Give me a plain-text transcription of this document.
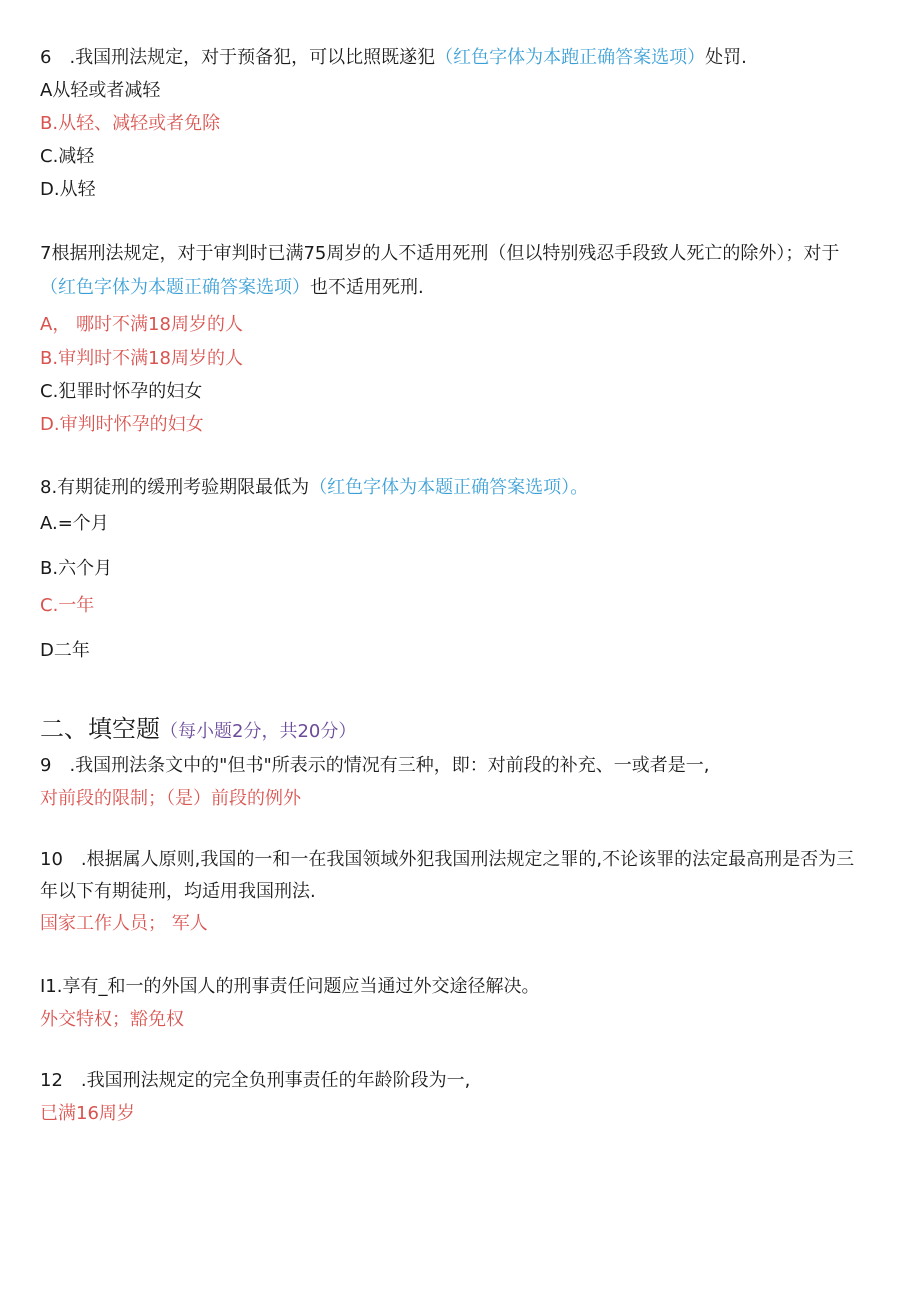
6　.我国刑法规定，对于预备犯，可以比照既遂犯（红色字体为本跑正确答案选项）处罚.
A从轻或者减轻
B.从轻、减轻或者免除
C.减轻
D.从轻
7根据刑法规定，对于审判时已满75周岁的人不适用死刑（但以特别残忍手段致人死亡的除外）；对于
（红色字体为本题正确答案选项）也不适用死刑.
A， 哪时不满18周岁的人
B.审判时不满18周岁的人
C.犯罪时怀孕的妇女
D.审判时怀孕的妇女
8.有期徒刑的缓刑考验期限最低为（红色字体为本题正确答案选项）。
A.=个月
B.六个月
C.一年
D二年
二、填空题（每小题2分，共20分）
9　.我国刑法条文中的"但书"所表示的情况有三种，即：对前段的补充、一或者是一,
对前段的限制；（是）前段的例外
10　.根据属人原则,我国的一和一在我国领域外犯我国刑法规定之罪的,不论该罪的法定最高刑是否为三
年以下有期徒刑，均适用我国刑法.
国家工作人员； 军人
I1.享有_和一的外国人的刑事责任问题应当通过外交途径解决。
外交特权；豁免权
12　.我国刑法规定的完全负刑事责任的年龄阶段为一,
已满16周岁
